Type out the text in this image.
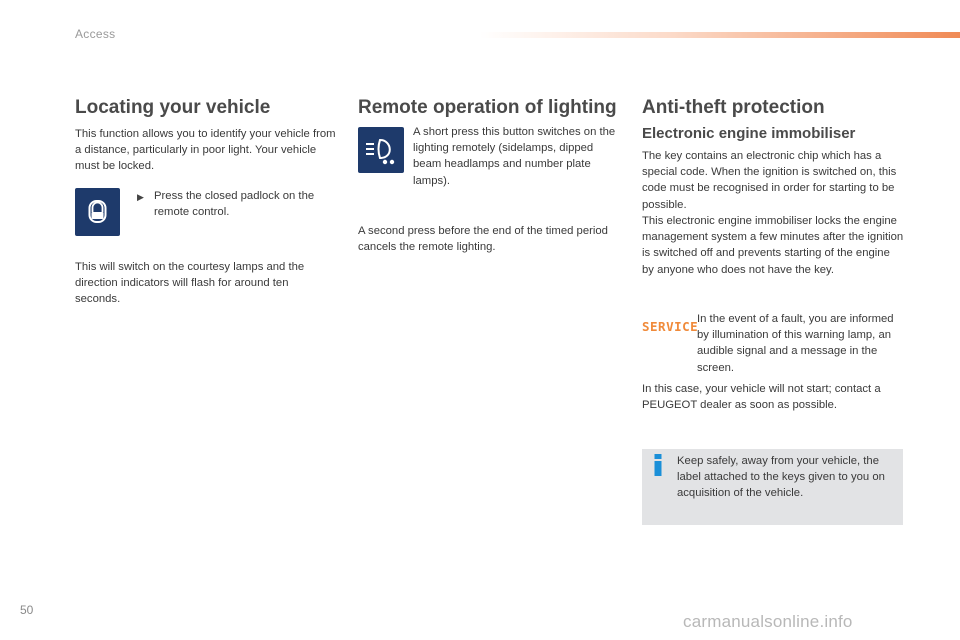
Access
Locating your vehicle

This function allows you to identify your vehicle from a distance, particularly in poor light. Your vehicle must be locked.

▶ Press the closed padlock on the remote control.

This will switch on the courtesy lamps and the direction indicators will flash for around ten seconds.

Remote operation of lighting

A short press this button switches on the lighting remotely (sidelamps, dipped beam headlamps and number plate lamps).

A second press before the end of the timed period cancels the remote lighting.

Anti-theft protection
Electronic engine immobiliser

The key contains an electronic chip which has a special code. When the ignition is switched on, this code must be recognised in order for starting to be possible.

This electronic engine immobiliser locks the engine management system a few minutes after the ignition is switched off and prevents starting of the engine by anyone who does not have the key.

SERVICE

In the event of a fault, you are informed by illumination of this warning lamp, an audible signal and a message in the screen.

In this case, your vehicle will not start; contact a PEUGEOT dealer as soon as possible.

Keep safely, away from your vehicle, the label attached to the keys given to you on acquisition of the vehicle.

50
carmanualsonline.info
